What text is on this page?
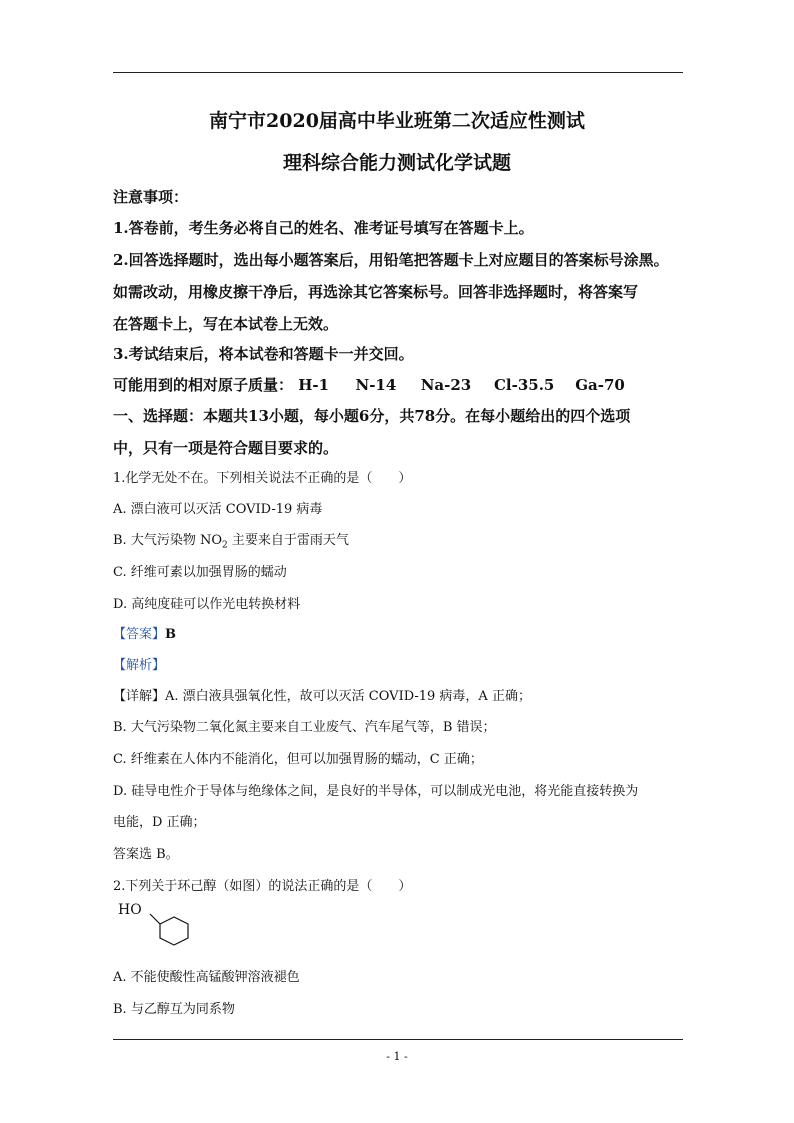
南宁市2020届高中毕业班第二次适应性测试
理科综合能力测试化学试题
注意事项：
1.答卷前，考生务必将自己的姓名、准考证号填写在答题卡上。
2.回答选择题时，选出每小题答案后，用铅笔把答题卡上对应题目的答案标号涂黑。
如需改动，用橡皮擦干净后，再选涂其它答案标号。回答非选择题时，将答案写
在答题卡上，写在本试卷上无效。
3.考试结束后，将本试卷和答题卡一并交回。
可能用到的相对原子质量： H-1 N-14 Na-23 Cl-35.5 Ga-70
一、选择题：本题共13小题，每小题6分，共78分。在每小题给出的四个选项
中，只有一项是符合题目要求的。
1.化学无处不在。下列相关说法不正确的是（　　）
A. 漂白液可以灭活 COVID-19 病毒
B. 大气污染物 $NO_2$ 主要来自于雷雨天气
C. 纤维可素以加强胃肠的蠕动
D. 高纯度硅可以作光电转换材料
【答案】B
【解析】
【详解】A. 漂白液具强氧化性，故可以灭活 COVID-19 病毒，A 正确；
B. 大气污染物二氧化氮主要来自工业废气、汽车尾气等，B 错误；
C. 纤维素在人体内不能消化，但可以加强胃肠的蠕动，C 正确；
D. 硅导电性介于导体与绝缘体之间，是良好的半导体，可以制成光电池，将光能直接转换为
电能，D 正确；
答案选 B。
2.下列关于环己醇（如图）的说法正确的是（　　）
HO
A. 不能使酸性高锰酸钾溶液褪色
B. 与乙醇互为同系物
- 1 -
